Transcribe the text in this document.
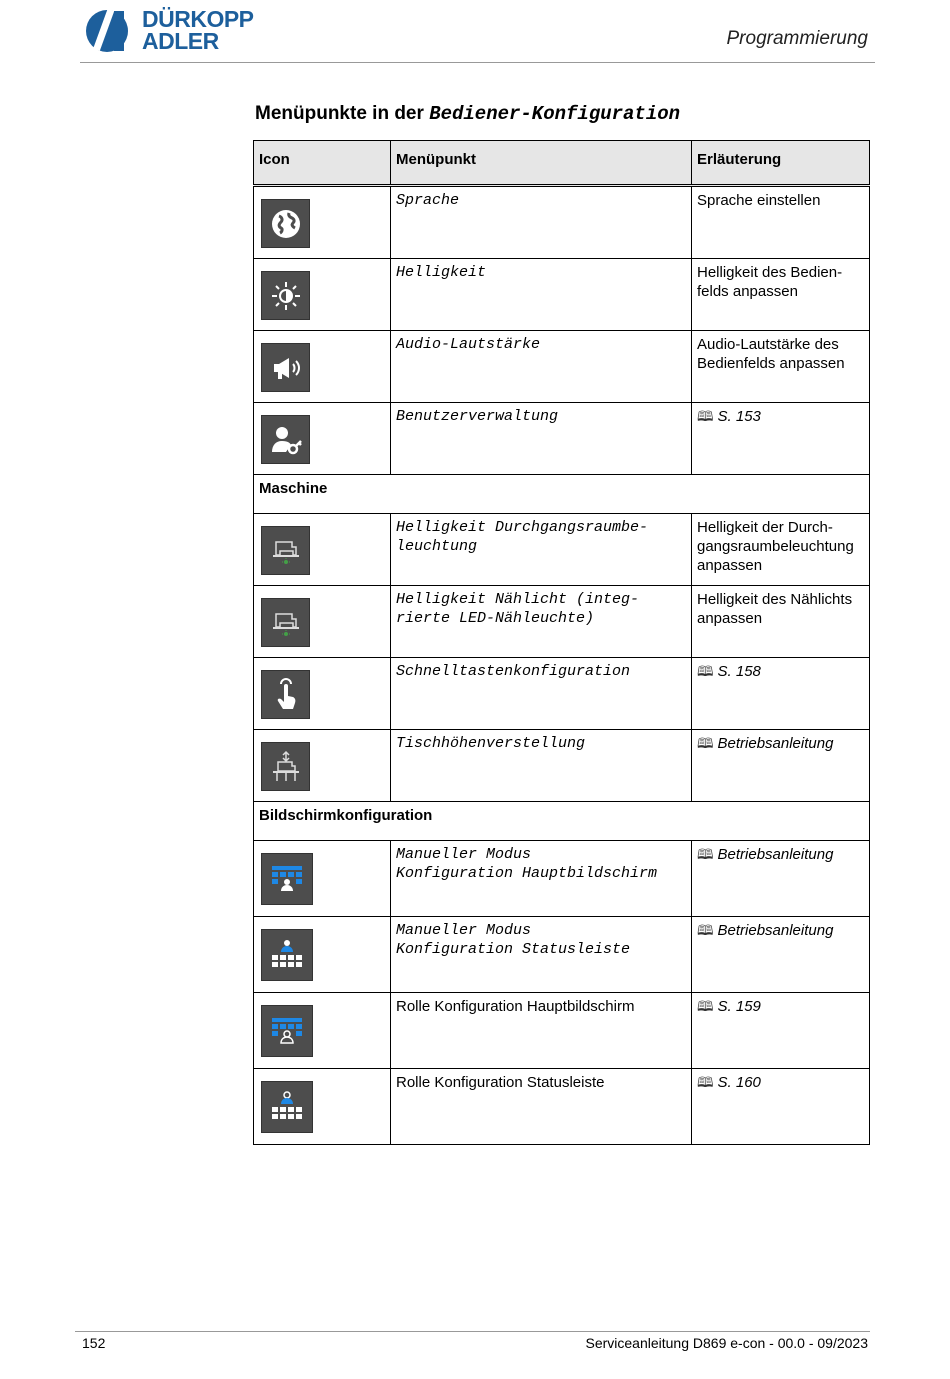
DÜRKOPP
ADLER	Programmierung
Menüpunkte in der Bediener-Konfiguration
Icon	Menüpunkt	Erläuterung

	Sprache	Sprache einstellen

	Helligkeit	Helligkeit des Bedien-
felds anpassen

	Audio-Lautstärke	Audio-Lautstärke des Bedienfelds anpassen

	Benutzerverwaltung	🕮 S. 153
Maschine		

	Helligkeit Durchgangsraumbe-
leuchtung	Helligkeit der Durch-
gangsraumbeleuchtung anpassen

	Helligkeit Nählicht (integ-
rierte LED-Nähleuchte)	Helligkeit des Nählichts anpassen

	Schnelltastenkonfiguration	🕮 S. 158

	Tischhöhenverstellung	🕮 Betriebsanleitung
Bildschirmkonfiguration		

	Manueller Modus
Konfiguration Hauptbildschirm	🕮 Betriebsanleitung

	Manueller Modus
Konfiguration Statusleiste	🕮 Betriebsanleitung

	Rolle Konfiguration Hauptbildschirm	🕮 S. 159

	Rolle Konfiguration Statusleiste	🕮 S. 160
152	Serviceanleitung D869 e-con - 00.0 - 09/2023
